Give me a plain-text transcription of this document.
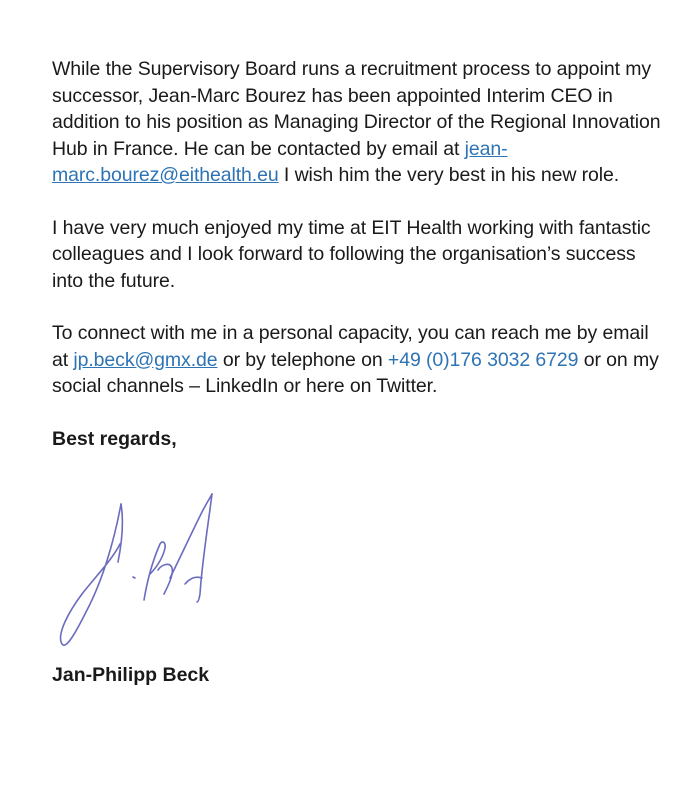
While the Supervisory Board runs a recruitment process to appoint my successor, Jean-Marc Bourez has been appointed Interim CEO in addition to his position as Managing Director of the Regional Innovation Hub in France. He can be contacted by email at jean-marc.bourez@eithealth.eu I wish him the very best in his new role.

I have very much enjoyed my time at EIT Health working with fantastic colleagues and I look forward to following the organisation’s success into the future.

To connect with me in a personal capacity, you can reach me by email at jp.beck@gmx.de or by telephone on +49 (0)176 3032 6729 or on my social channels – LinkedIn or here on Twitter.

Best regards,

Jan-Philipp Beck
